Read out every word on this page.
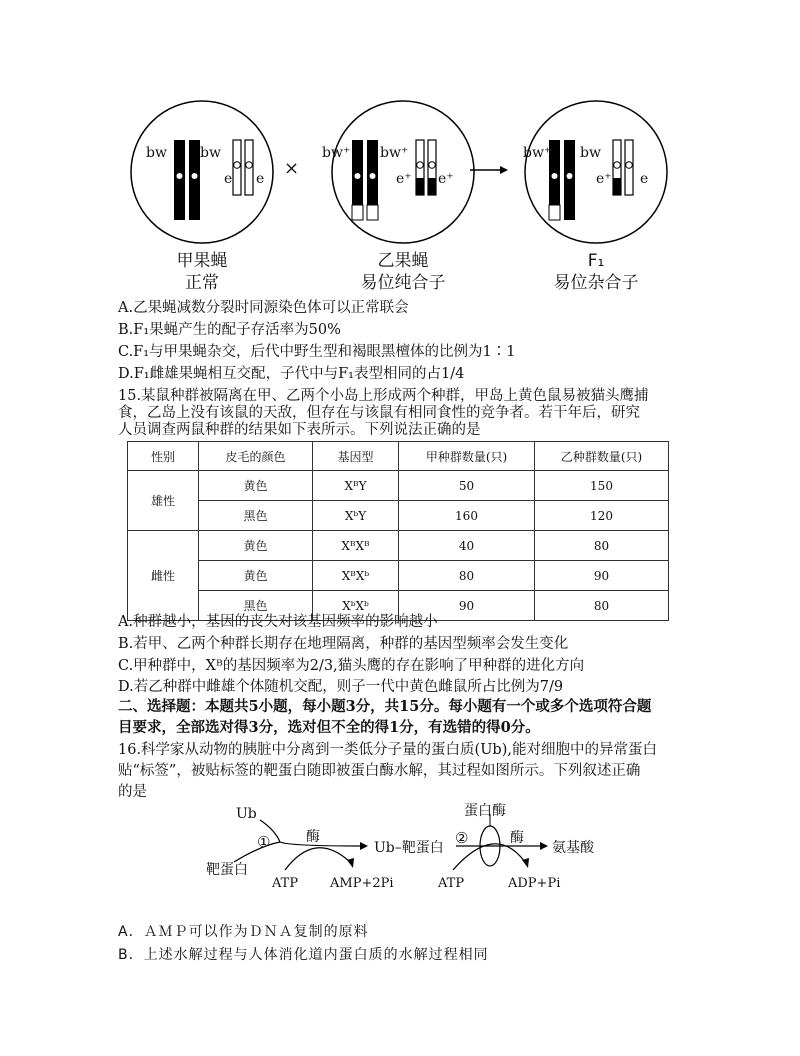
bw bw
e e ×
bw⁺ bw⁺
e⁺ e⁺
bw⁺ bw
e⁺ e
甲果蝇
正常
乙果蝇
易位纯合子
F₁
易位杂合子
A.乙果蝇减数分裂时同源染色体可以正常联会
B.F₁果蝇产生的配子存活率为50%
C.F₁与甲果蝇杂交，后代中野生型和褐眼黑檀体的比例为1∶1
D.F₁雌雄果蝇相互交配，子代中与F₁表型相同的占1/4
15.某鼠种群被隔离在甲、乙两个小岛上形成两个种群，甲岛上黄色鼠易被猫头鹰捕
食，乙岛上没有该鼠的天敌，但存在与该鼠有相同食性的竞争者。若干年后，研究
人员调查两鼠种群的结果如下表所示。下列说法正确的是
性别	皮毛的颜色	基因型	甲种群数量(只)	乙种群数量(只)
雄性	黄色	XᴮY	50	150
	黑色	XᵇY	160	120
雌性	黄色	XᴮXᴮ	40	80
	黄色	XᴮXᵇ	80	90
	黑色	XᵇXᵇ	90	80
A.种群越小，基因的丧失对该基因频率的影响越小
B.若甲、乙两个种群长期存在地理隔离，种群的基因型频率会发生变化
C.甲种群中，Xᴮ的基因频率为2/3,猫头鹰的存在影响了甲种群的进化方向
D.若乙种群中雌雄个体随机交配，则子一代中黄色雌鼠所占比例为7/9
二、选择题：本题共5小题，每小题3分，共15分。每小题有一个或多个选项符合题
目要求，全部选对得3分，选对但不全的得1分，有选错的得0分。
16.科学家从动物的胰脏中分离到一类低分子量的蛋白质(Ub),能对细胞中的异常蛋白
贴“标签”，被贴标签的靶蛋白随即被蛋白酶水解，其过程如图所示。下列叙述正确
的是
Ub
①	酶
靶蛋白
ATP AMP+2Pi
Ub–靶蛋白
蛋白酶
②	酶
氨基酸
ATP	ADP+Pi
A．ＡＭＰ可以作为ＤＮＡ复制的原料
B．上述水解过程与人体消化道内蛋白质的水解过程相同
